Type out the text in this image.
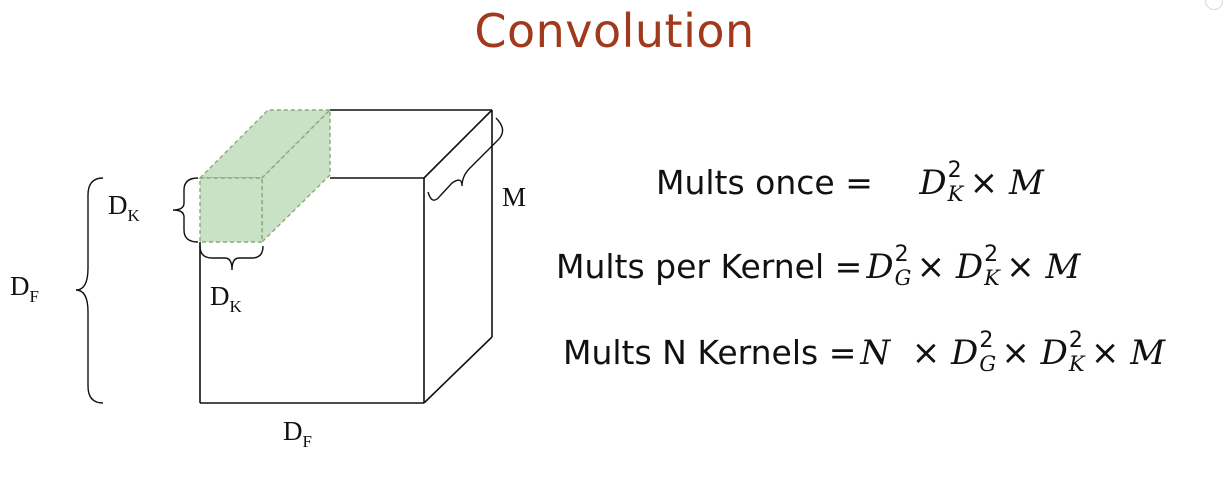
Convolution
$D_K$
$D_F$	$D_K$
$D_F$
M	Mults once = D 2
K × M
Mults per Kernel = D 2
G × D 2
K × M
Mults N Kernels = N × D 2
G × D 2
K × M
